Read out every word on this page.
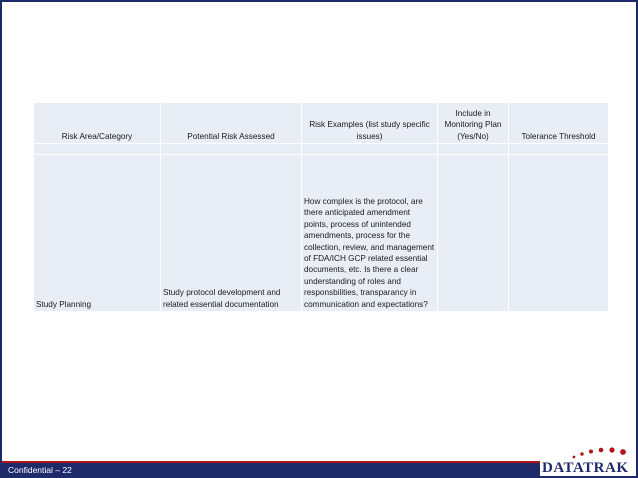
Risk Area/Category	Potential Risk Assessed	Risk Examples (list study specific issues)	Include in Monitoring Plan (Yes/No)	Tolerance Threshold

Study Planning	Study protocol development and related essential documentation	How complex is the protocol, are there anticipated amendment points, process of unintended amendments, process for the collection, review, and management of FDA/ICH GCP related essential documents, etc. Is there a clear understanding of roles and responsbilities, transparancy in communication and expectations?		
Confidential – 22	DATATRAK
